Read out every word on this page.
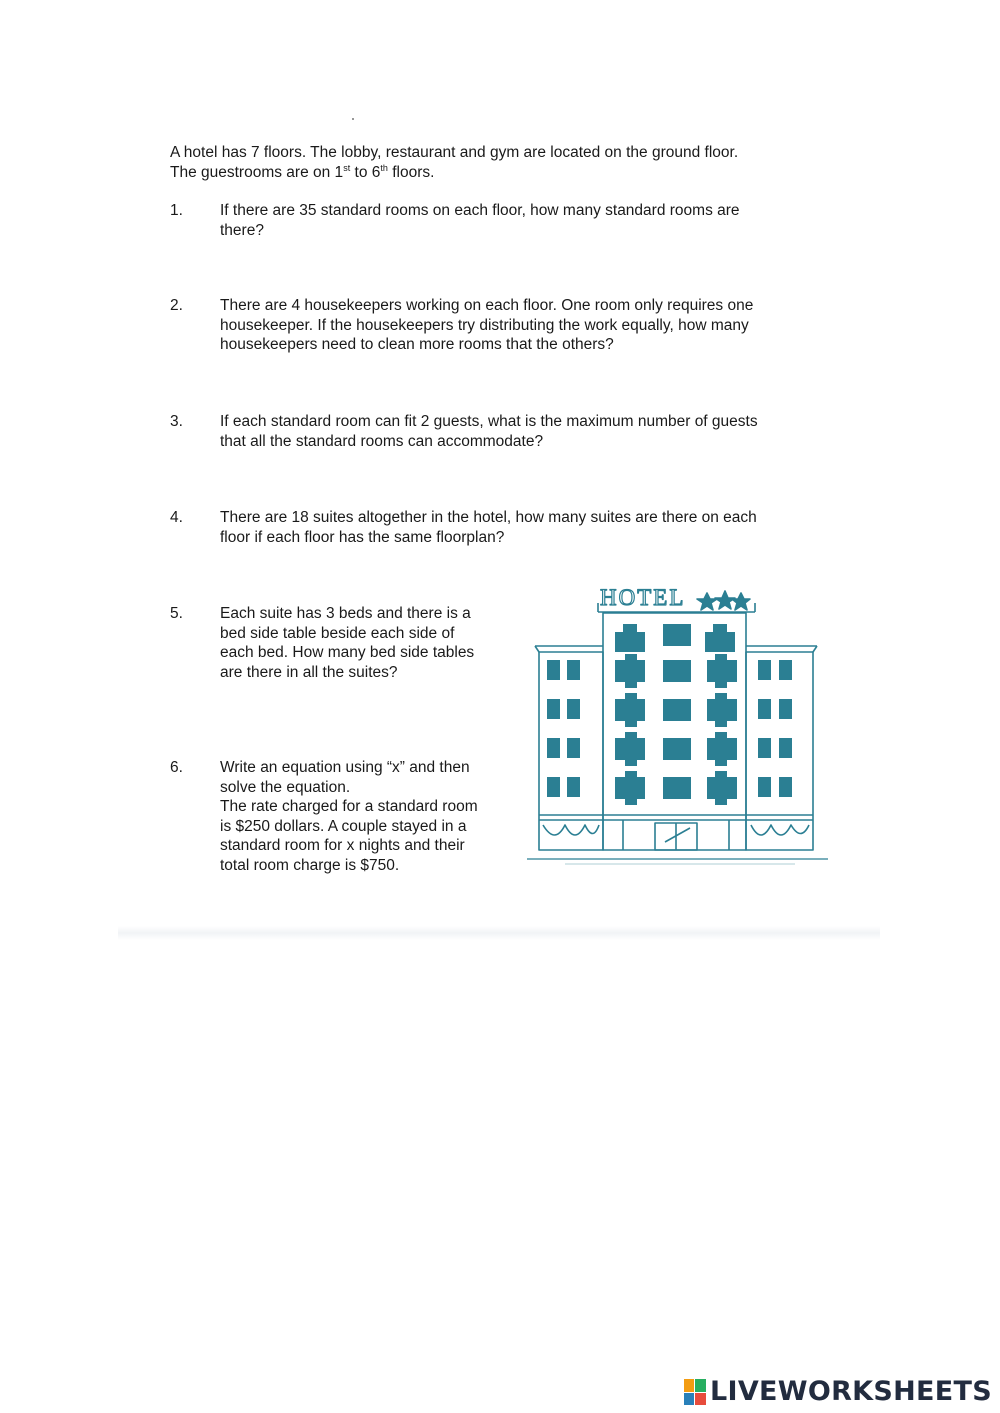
A hotel has 7 floors. The lobby, restaurant and gym are located on the ground floor.
The guestrooms are on 1st to 6th floors.
1. If there are 35 standard rooms on each floor, how many standard rooms are
there?
2. There are 4 housekeepers working on each floor. One room only requires one
housekeeper. If the housekeepers try distributing the work equally, how many
housekeepers need to clean more rooms that the others?
3. If each standard room can fit 2 guests, what is the maximum number of guests
that all the standard rooms can accommodate?
4. There are 18 suites altogether in the hotel, how many suites are there on each
floor if each floor has the same floorplan?
5. Each suite has 3 beds and there is a
bed side table beside each side of
each bed. How many bed side tables
are there in all the suites?
6. Write an equation using “x” and then
solve the equation.
The rate charged for a standard room
is $250 dollars. A couple stayed in a
standard room for x nights and their
total room charge is $750.
HOTEL
LIVEWORKSHEETS
